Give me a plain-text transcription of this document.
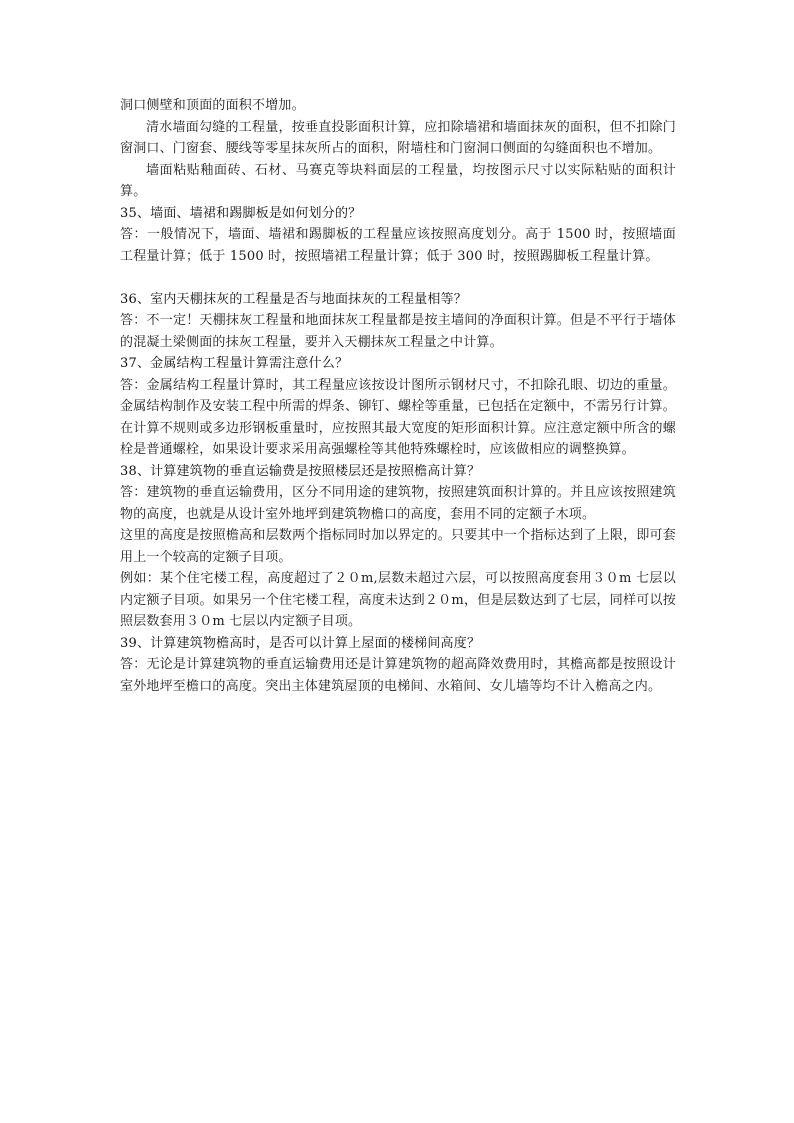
洞口侧壁和顶面的面积不增加。

清水墙面勾缝的工程量，按垂直投影面积计算，应扣除墙裙和墙面抹灰的面积，但不扣除门窗洞口、门窗套、腰线等零星抹灰所占的面积，附墙柱和门窗洞口侧面的勾缝面积也不增加。

墙面粘贴釉面砖、石材、马赛克等块料面层的工程量，均按图示尺寸以实际粘贴的面积计算。

35、墙面、墙裙和踢脚板是如何划分的？

答：一般情况下，墙面、墙裙和踢脚板的工程量应该按照高度划分。高于 1500 时，按照墙面工程量计算；低于 1500 时，按照墙裙工程量计算；低于 300 时，按照踢脚板工程量计算。

36、室内天棚抹灰的工程量是否与地面抹灰的工程量相等？

答：不一定！天棚抹灰工程量和地面抹灰工程量都是按主墙间的净面积计算。但是不平行于墙体的混凝土梁侧面的抹灰工程量，要并入天棚抹灰工程量之中计算。

37、金属结构工程量计算需注意什么？

答：金属结构工程量计算时，其工程量应该按设计图所示钢材尺寸，不扣除孔眼、切边的重量。金属结构制作及安装工程中所需的焊条、铆钉、螺栓等重量，已包括在定额中，不需另行计算。在计算不规则或多边形钢板重量时，应按照其最大宽度的矩形面积计算。应注意定额中所含的螺栓是普通螺栓，如果设计要求采用高强螺栓等其他特殊螺栓时，应该做相应的调整换算。

38、计算建筑物的垂直运输费是按照楼层还是按照檐高计算？

答：建筑物的垂直运输费用，区分不同用途的建筑物，按照建筑面积计算的。并且应该按照建筑物的高度，也就是从设计室外地坪到建筑物檐口的高度，套用不同的定额子木项。

这里的高度是按照檐高和层数两个指标同时加以界定的。只要其中一个指标达到了上限，即可套用上一个较高的定额子目项。

例如：某个住宅楼工程，高度超过了２０m,层数未超过六层，可以按照高度套用３０m 七层以内定额子目项。如果另一个住宅楼工程，高度未达到２０m，但是层数达到了七层，同样可以按照层数套用３０m 七层以内定额子目项。

39、计算建筑物檐高时，是否可以计算上屋面的楼梯间高度？

答：无论是计算建筑物的垂直运输费用还是计算建筑物的超高降效费用时，其檐高都是按照设计室外地坪至檐口的高度。突出主体建筑屋顶的电梯间、水箱间、女儿墙等均不计入檐高之内。
